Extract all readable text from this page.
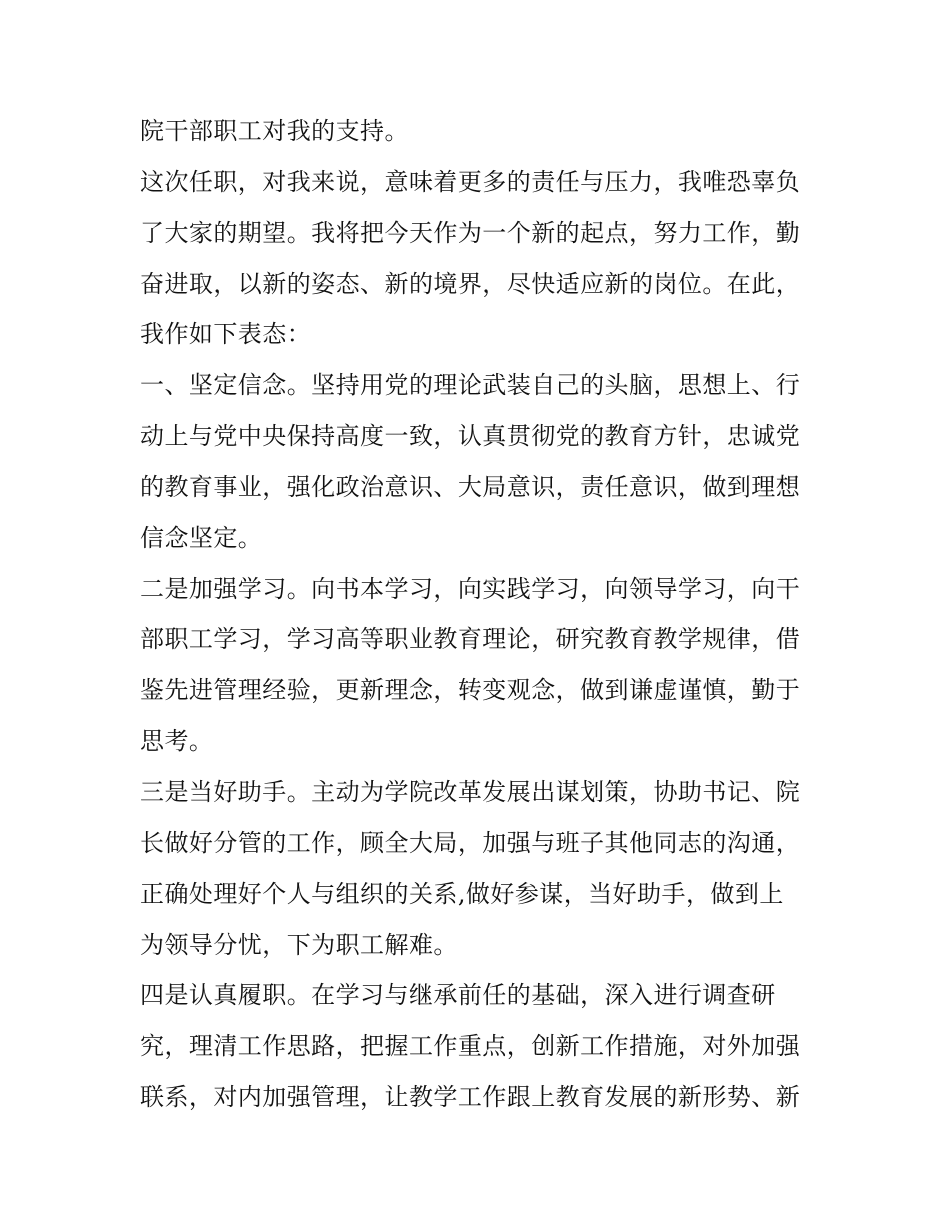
院干部职工对我的支持。
这次任职，对我来说，意味着更多的责任与压力，我唯恐辜负
了大家的期望。我将把今天作为一个新的起点，努力工作，勤
奋进取，以新的姿态、新的境界，尽快适应新的岗位。在此，
我作如下表态：
一、坚定信念。坚持用党的理论武装自己的头脑，思想上、行
动上与党中央保持高度一致，认真贯彻党的教育方针，忠诚党
的教育事业，强化政治意识、大局意识，责任意识，做到理想
信念坚定。
二是加强学习。向书本学习，向实践学习，向领导学习，向干
部职工学习，学习高等职业教育理论，研究教育教学规律，借
鉴先进管理经验，更新理念，转变观念，做到谦虚谨慎，勤于
思考。
三是当好助手。主动为学院改革发展出谋划策，协助书记、院
长做好分管的工作，顾全大局，加强与班子其他同志的沟通，
正确处理好个人与组织的关系,做好参谋，当好助手，做到上
为领导分忧，下为职工解难。
四是认真履职。在学习与继承前任的基础，深入进行调查研
究，理清工作思路，把握工作重点，创新工作措施，对外加强
联系，对内加强管理，让教学工作跟上教育发展的新形势、新
